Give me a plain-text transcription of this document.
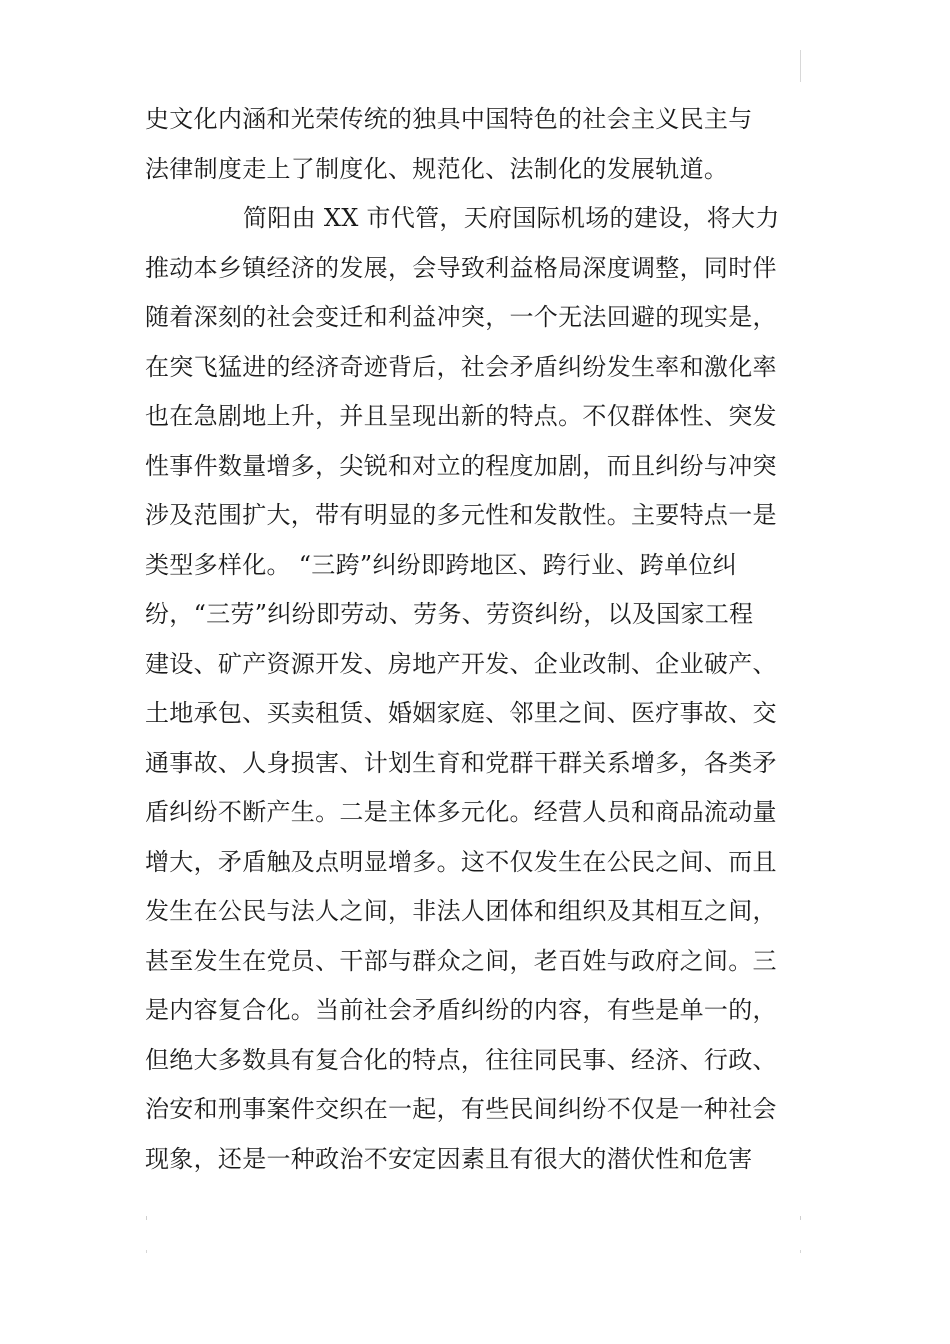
史文化内涵和光荣传统的独具中国特色的社会主义民主与
法律制度走上了制度化、规范化、法制化的发展轨道。
简阳由 XX 市代管，天府国际机场的建设，将大力
推动本乡镇经济的发展，会导致利益格局深度调整，同时伴
随着深刻的社会变迁和利益冲突，一个无法回避的现实是，
在突飞猛进的经济奇迹背后，社会矛盾纠纷发生率和激化率
也在急剧地上升，并且呈现出新的特点。不仅群体性、突发
性事件数量增多，尖锐和对立的程度加剧，而且纠纷与冲突
涉及范围扩大，带有明显的多元性和发散性。主要特点一是
类型多样化。 “三跨”纠纷即跨地区、跨行业、跨单位纠
纷，“三劳”纠纷即劳动、劳务、劳资纠纷，以及国家工程
建设、矿产资源开发、房地产开发、企业改制、企业破产、
土地承包、买卖租赁、婚姻家庭、邻里之间、医疗事故、交
通事故、人身损害、计划生育和党群干群关系增多，各类矛
盾纠纷不断产生。二是主体多元化。经营人员和商品流动量
增大，矛盾触及点明显增多。这不仅发生在公民之间、而且
发生在公民与法人之间，非法人团体和组织及其相互之间，
甚至发生在党员、干部与群众之间，老百姓与政府之间。三
是内容复合化。当前社会矛盾纠纷的内容，有些是单一的，
但绝大多数具有复合化的特点，往往同民事、经济、行政、
治安和刑事案件交织在一起，有些民间纠纷不仅是一种社会
现象，还是一种政治不安定因素且有很大的潜伏性和危害
